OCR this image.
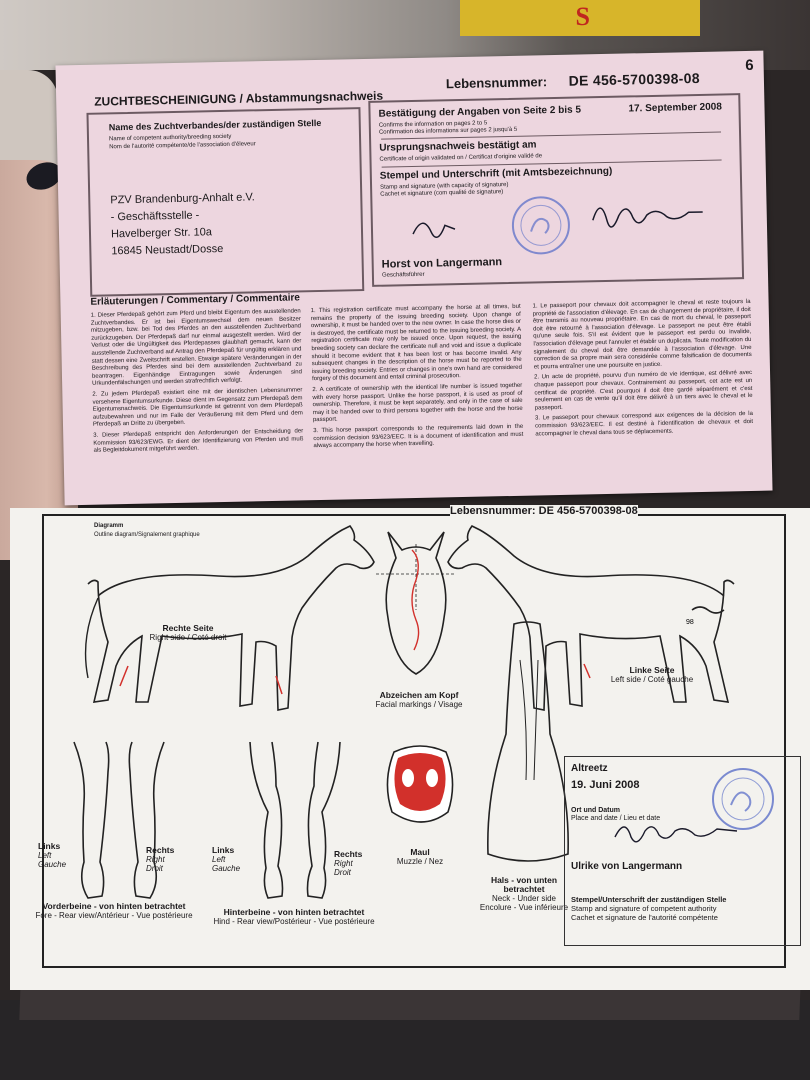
S
6
ZUCHTBESCHEINIGUNG / Abstammungsnachweis
Lebensnummer: DE 456-5700398-08
Name des Zuchtverbandes/der zuständigen Stelle
Name of competent authority/breeding society
Nom de l'autorité compétente/de l'association d'éleveur
PZV Brandenburg-Anhalt e.V.
- Geschäftsstelle -
Havelberger Str. 10a
16845 Neustadt/Dosse
Bestätigung der Angaben von Seite 2 bis 5	17. September 2008
Confirms the information on pages 2 to 5
Confirmation des informations sur pages 2 jusqu'à 5
Ursprungsnachweis bestätigt am
Certificate of origin validated on / Certificat d'origine validé de
Stempel und Unterschrift (mit Amtsbezeichnung)
Stamp and signature (with capacity of signature)
Cachet et signature (com qualité de signature)
Horst von Langermann
Geschäftsführer
Erläuterungen / Commentary / Commentaire

1. Dieser Pferdepaß gehört zum Pferd und bleibt Eigentum des ausstellenden Zuchtverbandes. Er ist bei Eigentumswechsel dem neuen Besitzer mitzugeben, bzw. bei Tod des Pferdes an den ausstellenden Zuchtverband zurückzugeben. Der Pferdepaß darf nur einmal ausgestellt werden. Wird der Verlust oder die Ungültigkeit des Pferdepasses glaubhaft gemacht, kann der ausstellende Zuchtverband auf Antrag den Pferdepaß für ungültig erklären und statt dessen eine Zweitschrift erstellen. Etwaige spätere Veränderungen in der Beschreibung des Pferdes sind bei dem ausstellenden Zuchtverband zu beantragen. Eigenhändige Eintragungen sowie Änderungen sind Urkundenfälschungen und werden strafrechtlich verfolgt.

2. Zu jedem Pferdepaß existiert eine mit der identischen Lebensnummer versehene Eigentumsurkunde. Diese dient im Gegensatz zum Pferdepaß dem Eigentumsnachweis. Die Eigentumsurkunde ist getrennt von dem Pferdepaß aufzubewahren und nur im Falle der Veräußerung mit dem Pferd und dem Pferdepaß an Dritte zu übergeben.

3. Dieser Pferdepaß entspricht den Anforderungen der Entscheidung der Kommission 93/623/EWG. Er dient der Identifizierung von Pferden und muß als Begleitdokument mitgeführt werden.

1. This registration certificate must accompany the horse at all times, but remains the property of the issuing breeding society. Upon change of ownership, it must be handed over to the new owner. In case the horse dies or is destroyed, the certificate must be returned to the issuing breeding society. A registration certificate may only be issued once. Upon request, the issuing breeding society can declare the certificate null and void and issue a duplicate should it become evident that it has been lost or has become invalid. Any subsequent changes in the description of the horse must be reported to the issuing breeding society. Entries or changes in one's own hand are considered forgery of this document and entail criminal prosecution.

2. A certificate of ownership with the identical life number is issued together with every horse passport. Unlike the horse passport, it is used as proof of ownership. Therefore, it must be kept separately, and only in the case of sale may it be handed over to third persons together with the horse and the horse passport.

3. This horse passport corresponds to the requirements laid down in the commission decision 93/623/EEC. It is a document of identification and must always accompany the horse when travelling.

1. Le passeport pour chevaux doit accompagner le cheval et reste toujours la propriété de l'association d'élevage. En cas de changement de propriétaire, il doit être transmis au nouveau propriétaire. En cas de mort du cheval, le passeport doit être retourné à l'association d'élevage. Le passeport ne peut être établi qu'une seule fois. S'il est évident que le passeport est perdu ou invalide, l'association d'élevage peut l'annuler et établir un duplicata. Toute modification du signalement du cheval doit être demandée à l'association d'élevage. Une correction de sa propre main sera considérée comme falsification de documents et pourra entraîner une une poursuite en justice.

2. Un acte de propriété, pourvu d'un numéro de vie identique, est délivré avec chaque passeport pour chevaux. Contrairement au passeport, cet acte est un certificat de propriété. C'est pourquoi il doit être gardé séparément et c'est seulement en cas de vente qu'il doit être délivré à un tiers avec le cheval et le passeport.

3. Le passeport pour chevaux correspond aux exigences de la décision de la commission 93/623/EEC. Il est destiné à l'identification de chevaux et doit accompagner le cheval dans tous se déplacements.

Lebensnummer: DE 456-5700398-08
Diagramm
Outline diagram/Signalement graphique
Rechte Seite
Right side / Coté droit
Abzeichen am Kopf
Facial markings / Visage
98
Linke Seite
Left side / Coté gauche
Links
Left
Gauche
Rechts
Right
Droit
Vorderbeine - von hinten betrachtet
Fore - Rear view/Antérieur - Vue postérieure
Links
Left
Gauche
Rechts
Right
Droit
Hinterbeine - von hinten betrachtet
Hind - Rear view/Postérieur - Vue postérieure
Maul
Muzzle / Nez
Hals - von unten betrachtet
Neck - Under side
Encolure - Vue inférieure
Altreetz
19. Juni 2008
Ort und Datum
Place and date / Lieu et date
Ulrike von Langermann
Stempel/Unterschrift der zuständigen Stelle
Stamp and signature of competent authority
Cachet et signature de l'autorité compétente
